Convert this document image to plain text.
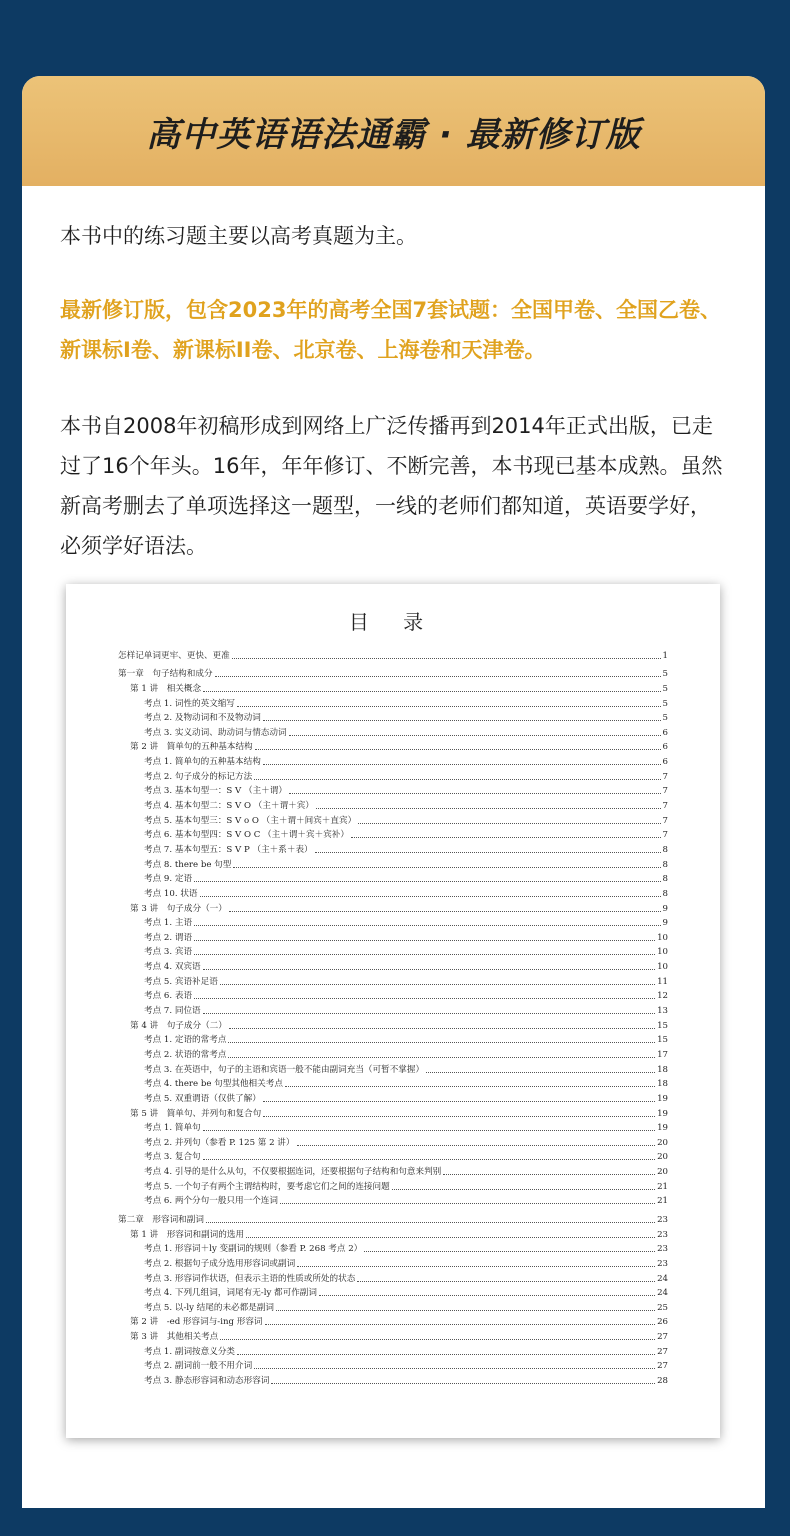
高中英语语法通霸 · 最新修订版

本书中的练习题主要以高考真题为主。

最新修订版，包含2023年的高考全国7套试题：全国甲卷、全国乙卷、新课标I卷、新课标II卷、北京卷、上海卷和天津卷。

本书自2008年初稿形成到网络上广泛传播再到2014年正式出版，已走过了16个年头。16年，年年修订、不断完善，本书现已基本成熟。虽然新高考删去了单项选择这一题型，一线的老师们都知道，英语要学好，必须学好语法。

目 录
怎样记单词更牢、更快、更准	1
第一章　句子结构和成分	5
第 1 讲　相关概念	5
考点 1. 词性的英文缩写	5
考点 2. 及物动词和不及物动词	5
考点 3. 实义动词、助动词与情态动词	6
第 2 讲　简单句的五种基本结构	6
考点 1. 简单句的五种基本结构	6
考点 2. 句子成分的标记方法	7
考点 3. 基本句型一：S V （主＋谓）	7
考点 4. 基本句型二：S V O （主＋谓＋宾）	7
考点 5. 基本句型三：S V o O （主＋谓＋间宾＋直宾）	7
考点 6. 基本句型四：S V O C （主＋谓＋宾＋宾补）	7
考点 7. 基本句型五：S V P （主＋系＋表）	8
考点 8. there be 句型	8
考点 9. 定语	8
考点 10. 状语	8
第 3 讲　句子成分（一）	9
考点 1. 主语	9
考点 2. 谓语	10
考点 3. 宾语	10
考点 4. 双宾语	10
考点 5. 宾语补足语	11
考点 6. 表语	12
考点 7. 同位语	13
第 4 讲　句子成分（二）	15
考点 1. 定语的常考点	15
考点 2. 状语的常考点	17
考点 3. 在英语中，句子的主语和宾语一般不能由副词充当（可暂不掌握）	18
考点 4. there be 句型其他相关考点	18
考点 5. 双重谓语（仅供了解）	19
第 5 讲　简单句、并列句和复合句	19
考点 1. 简单句	19
考点 2. 并列句（参看 P. 125 第 2 讲）	20
考点 3. 复合句	20
考点 4. 引导的是什么从句，不仅要根据连词，还要根据句子结构和句意来判别	20
考点 5. 一个句子有两个主谓结构时，要考虑它们之间的连接问题	21
考点 6. 两个分句一般只用一个连词	21
第二章　形容词和副词	23
第 1 讲　形容词和副词的选用	23
考点 1. 形容词＋ly 变副词的规则（参看 P. 268 考点 2）	23
考点 2. 根据句子成分选用形容词或副词	23
考点 3. 形容词作状语，但表示主语的性质或所处的状态	24
考点 4. 下列几组词，词尾有无-ly 都可作副词	24
考点 5. 以-ly 结尾的未必都是副词	25
第 2 讲　-ed 形容词与-ing 形容词	26
第 3 讲　其他相关考点	27
考点 1. 副词按意义分类	27
考点 2. 副词前一般不用介词	27
考点 3. 静态形容词和动态形容词	28
